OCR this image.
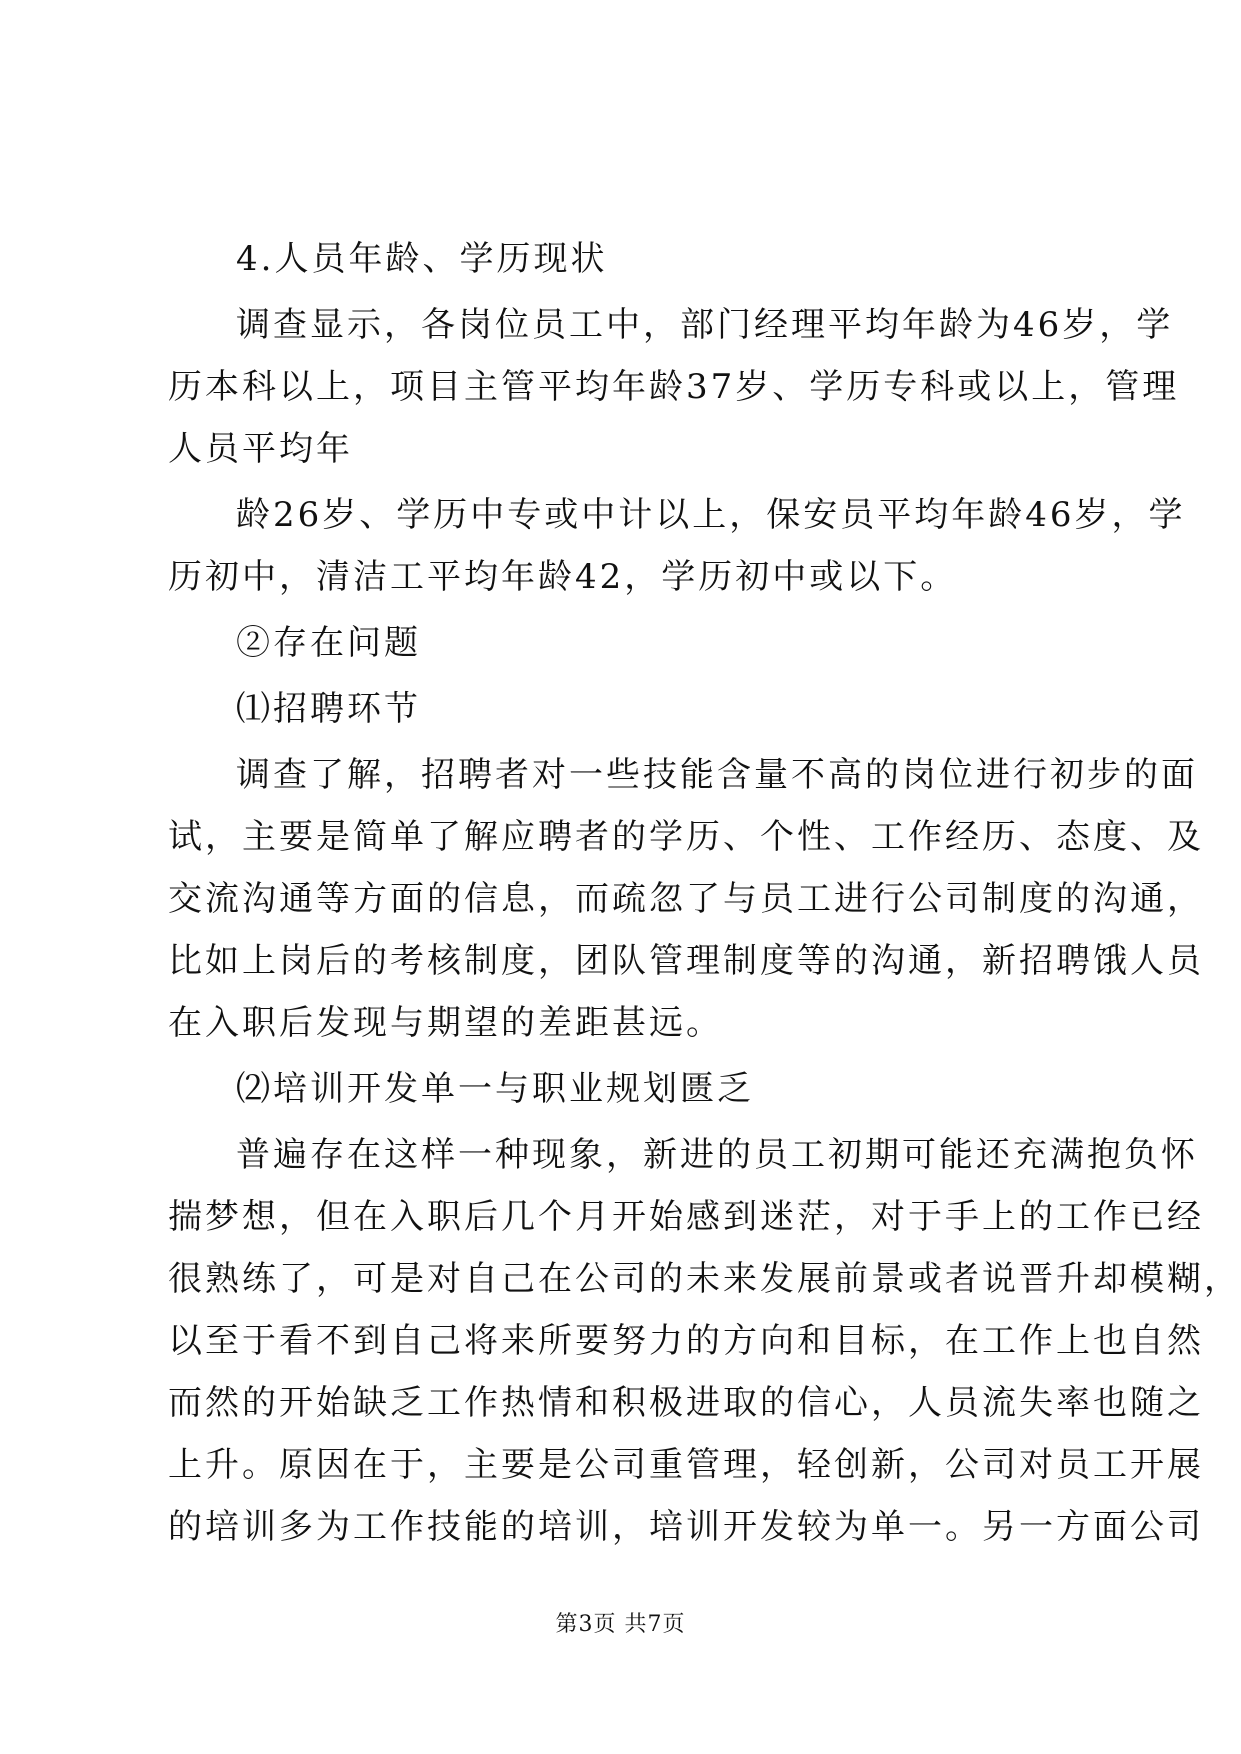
4.人员年龄、学历现状

调查显示，各岗位员工中，部门经理平均年龄为46岁，学

历本科以上，项目主管平均年龄37岁、学历专科或以上，管理

人员平均年

龄26岁、学历中专或中计以上，保安员平均年龄46岁，学

历初中，清洁工平均年龄42，学历初中或以下。

②存在问题

⑴招聘环节

调查了解，招聘者对一些技能含量不高的岗位进行初步的面

试，主要是简单了解应聘者的学历、个性、工作经历、态度、及

交流沟通等方面的信息，而疏忽了与员工进行公司制度的沟通，

比如上岗后的考核制度，团队管理制度等的沟通，新招聘饿人员

在入职后发现与期望的差距甚远。

⑵培训开发单一与职业规划匮乏

普遍存在这样一种现象，新进的员工初期可能还充满抱负怀

揣梦想，但在入职后几个月开始感到迷茫，对于手上的工作已经

很熟练了，可是对自己在公司的未来发展前景或者说晋升却模糊，

以至于看不到自己将来所要努力的方向和目标，在工作上也自然

而然的开始缺乏工作热情和积极进取的信心，人员流失率也随之

上升。原因在于，主要是公司重管理，轻创新，公司对员工开展

的培训多为工作技能的培训，培训开发较为单一。另一方面公司

第3页 共7页
